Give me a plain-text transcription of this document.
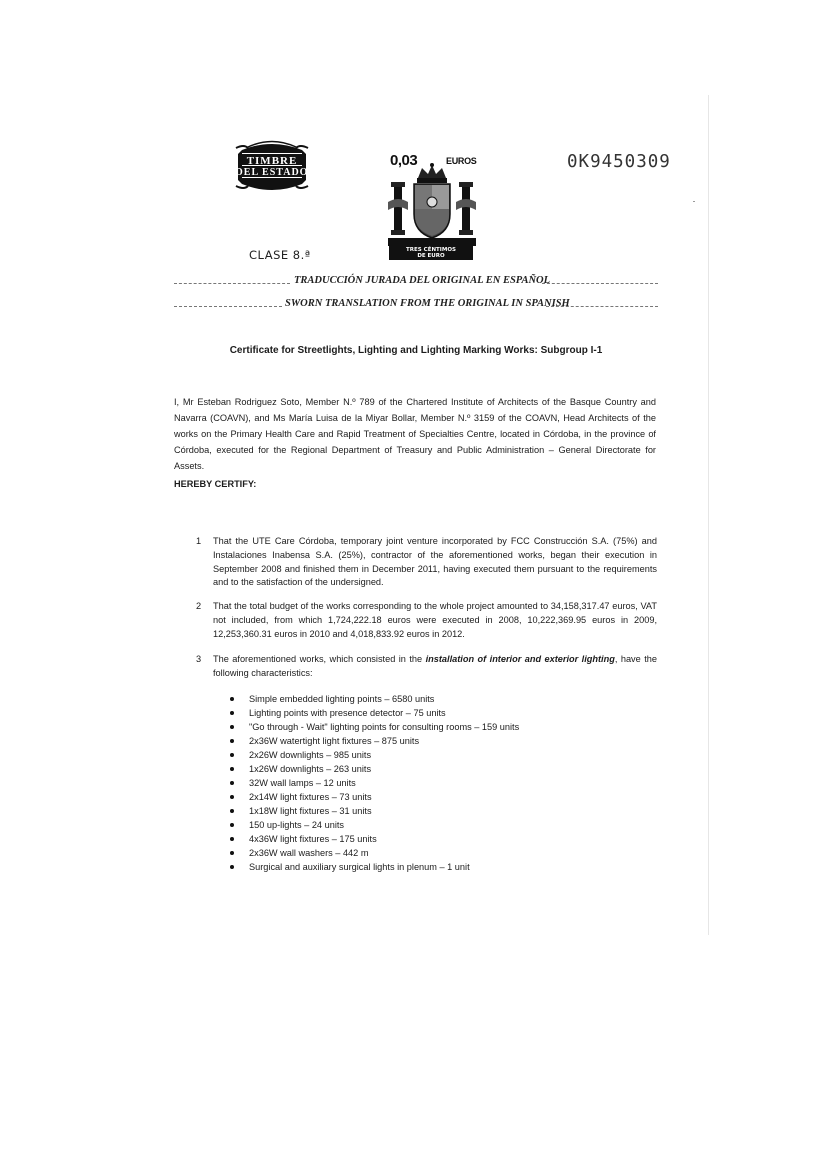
TIMBRE
DEL ESTADO
CLASE 8.ª
0,03	EUROS
TRES CÉNTIMOS
DE EURO
0K9450309
TRADUCCIÓN JURADA DEL ORIGINAL EN ESPAÑOL
SWORN TRANSLATION FROM THE ORIGINAL IN SPANISH
Certificate for Streetlights, Lighting and Lighting Marking Works: Subgroup I-1
I, Mr Esteban Rodriguez Soto, Member N.º 789 of the Chartered Institute of Architects of the Basque Country and Navarra (COAVN), and Ms María Luisa de la Miyar Bollar, Member N.º 3159 of the COAVN, Head Architects of the works on the Primary Health Care and Rapid Treatment of Specialties Centre, located in Córdoba, in the province of Córdoba, executed for the Regional Department of Treasury and Public Administration – General Directorate for Assets.
HEREBY CERTIFY:
1	That the UTE Care Córdoba, temporary joint venture incorporated by FCC Construcción S.A. (75%) and Instalaciones Inabensa S.A. (25%), contractor of the aforementioned works, began their execution in September 2008 and finished them in December 2011, having executed them pursuant to the requirements and to the satisfaction of the undersigned.
2	That the total budget of the works corresponding to the whole project amounted to 34,158,317.47 euros, VAT not included, from which 1,724,222.18 euros were executed in 2008, 10,222,369.95 euros in 2009, 12,253,360.31 euros in 2010 and 4,018,833.92 euros in 2012.
3	The aforementioned works, which consisted in the installation of interior and exterior lighting, have the following characteristics:
Simple embedded lighting points – 6580 units
Lighting points with presence detector – 75 units
"Go through - Wait" lighting points for consulting rooms – 159 units
2x36W watertight light fixtures – 875 units
2x26W downlights – 985 units
1x26W downlights – 263 units
32W wall lamps – 12 units
2x14W light fixtures – 73 units
1x18W light fixtures – 31 units
150 up-lights – 24 units
4x36W light fixtures – 175 units
2x36W wall washers – 442 m
Surgical and auxiliary surgical lights in plenum – 1 unit
